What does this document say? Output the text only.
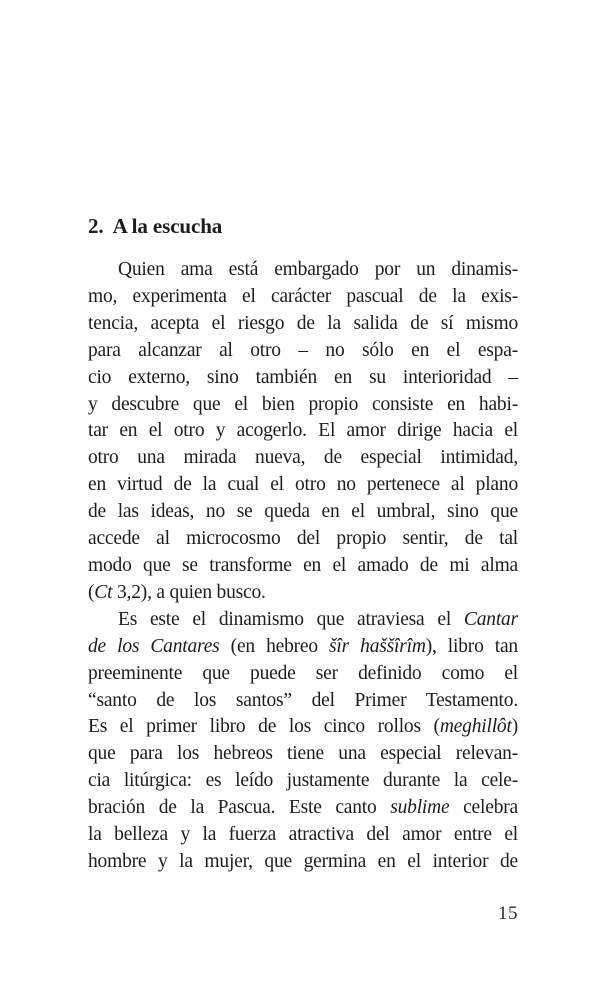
2. A la escucha
Quien ama está embargado por un dinamis-
mo, experimenta el carácter pascual de la exis-
tencia, acepta el riesgo de la salida de sí mismo
para alcanzar al otro – no sólo en el espa-
cio externo, sino también en su interioridad –
y descubre que el bien propio consiste en habi-
tar en el otro y acogerlo. El amor dirige hacia el
otro una mirada nueva, de especial intimidad,
en virtud de la cual el otro no pertenece al plano
de las ideas, no se queda en el umbral, sino que
accede al microcosmo del propio sentir, de tal
modo que se transforme en el amado de mi alma
(Ct 3,2), a quien busco.
Es este el dinamismo que atraviesa el Cantar
de los Cantares (en hebreo šîr haššîrîm), libro tan
preeminente que puede ser definido como el
“santo de los santos” del Primer Testamento.
Es el primer libro de los cinco rollos (meghillôt)
que para los hebreos tiene una especial relevan-
cia litúrgica: es leído justamente durante la cele-
bración de la Pascua. Este canto sublime celebra
la belleza y la fuerza atractiva del amor entre el
hombre y la mujer, que germina en el interior de
15
